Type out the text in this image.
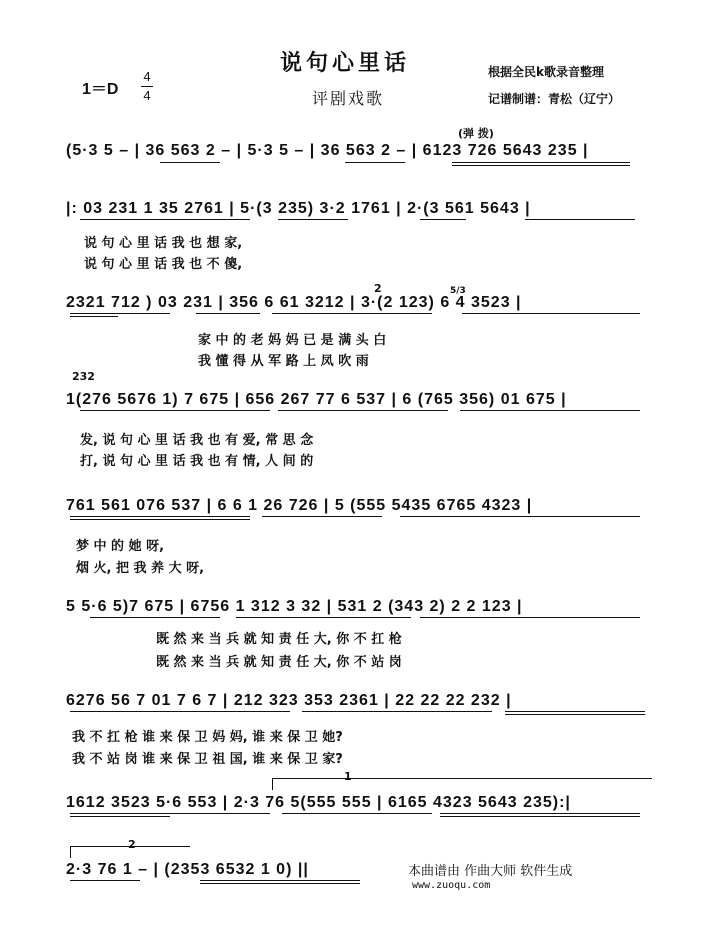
说句心里话
评剧戏歌
1＝D
4
4
根据全民k歌录音整理
记谱制谱：青松（辽宁）
(弹 拨)
(5·3 5 – | 36 563 2 – | 5·3 5 – | 36 563 2 – | 6123 726 5643 235 |
|: 03 231 1 35 2761 | 5·(3 235) 3·2 1761 | 2·(3 561 5643 |
说 句 心 里 话 我 也 想 家,
说 句 心 里 话 我 也 不 傻,
2	5/3
2321 712 ) 03 231 | 356 6 61 3212 | 3·(2 123) 6 4 3523 |
家 中 的 老 妈 妈 已 是 满 头 白
我 懂 得 从 军 路 上 凤 吹 雨
232
1(276 5676 1) 7 675 | 656 267 77 6 537 | 6 (765 356) 01 675 |
发, 说 句 心 里 话 我 也 有 爱, 常 思 念
打, 说 句 心 里 话 我 也 有 情, 人 间 的
761 561 076 537 | 6 6 1 26 726 | 5 (555 5435 6765 4323 |
梦 中 的 她 呀,
烟 火, 把 我 养 大 呀,
5 5·6 5)7 675 | 6756 1 312 3 32 | 531 2 (343 2) 2 2 123 |
既 然 来 当 兵 就 知 责 任 大, 你 不 扛 枪
既 然 来 当 兵 就 知 责 任 大, 你 不 站 岗
6276 56 7 01 7 6 7 | 212 323 353 2361 | 22 22 22 232 |
我 不 扛 枪 谁 来 保 卫 妈 妈, 谁 来 保 卫 她?
我 不 站 岗 谁 来 保 卫 祖 国, 谁 来 保 卫 家?
1
1612 3523 5·6 553 | 2·3 76 5(555 555 | 6165 4323 5643 235):|
2
2·3 76 1 – | (2353 6532 1 0) ||	本曲谱由 作曲大师 软件生成
www.zuoqu.com
